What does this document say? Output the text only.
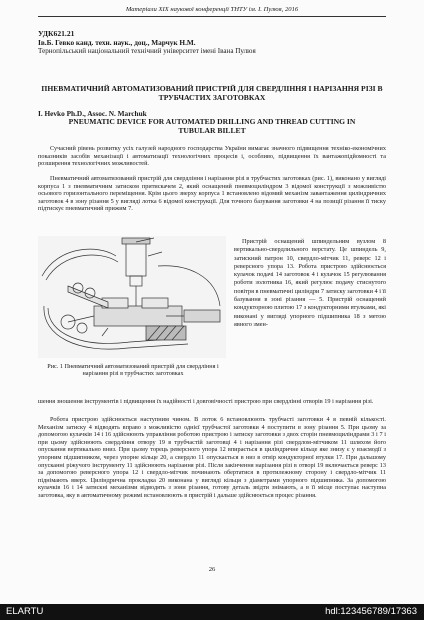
Матеріали XIX наукової конференції ТНТУ ім. І. Пулюя, 2016
УДК621.21
Ів.Б. Гевко канд. техн. наук., доц., Марчук Н.М.
Тернопільський національний технічний університет імені Івана Пулюя
ПНЕВМАТИЧНИЙ АВТОМАТИЗОВАНИЙ ПРИСТРІЙ ДЛЯ СВЕРДЛІННЯ І НАРІЗАННЯ РІЗІ В ТРУБЧАСТИХ ЗАГОТОВКАХ
I. Hevko Ph.D., Assoc. N. Marchuk
PNEUMATIC DEVICE FOR AUTOMATED DRILLING AND THREAD CUTTING IN TUBULAR BILLET
Сучасний рівень розвитку усіх галузей народного господарства України вимагає значного підвищення техніко-економічних показників засобів механізації і автоматизації технологічних процесів і, особливо, підвищення їх вантажопідйомності та розширення технологічних можливостей.
Пневматичний автоматизований пристрій для свердління і нарізання різі в трубчастих заготовках (рис. 1), виконано у вигляді корпуса 1 з пневматичним затиском притискачем 2, який оснащений пневмоциліндром 3 відомої конструкції з можливістю осьового горизонтального переміщення. Крім цього зверху корпуса 1 встановлено відомий механізм завантаження циліндричних заготовок 4 в зону різання 5 у вигляді лотка 6 відомої конструкції. Для точного базування заготовки 4 на позиції різання її тиску підтискує пневматичний прижим 7.
Рис. 1 Пневматичний автоматизований пристрій для свердління і нарізання різі в трубчастих заготовках
Пристрій оснащений шпиндельним вузлом 8 вертикально-свердлильного верстату. Це шпиндель 9, затискний патрон 10, свердло-мітчик 11, реверс 12 і реверсного упора 13. Робота пристрою здійснюється кулачок подачі 14 заготовок 4 і кулачок 15 регулювання роботи золотника 16, який регулює подачу стиснутого повітря в пневматичні циліндри 7 затиску заготовки 4 і її базування в зоні різання — 5. Пристрій оснащений кондукторною плитою 17 з кондукторними втулками, які виконані у вигляді упорного підшипника 18 з метою явного змен-
шення зношення інструментів і підвищення їх надійності і довговічності пристрою при свердлінні отворів 19 і нарізання різі.
Робота пристрою здійснюється наступним чином. В лоток 6 встановлюють трубчасті заготовки 4 в певній кількості. Механізм затиску 4 відводять вправо з можливістю однієї трубчастої заготовки 4 поступити в зону різання 5. При цьому за допомогою кулачків 14 і 16 здійснюють управління роботою пристрою і затиску заготовки з двох сторін пневмоциліндрами 3 і 7 і при цьому здійснюють свердління отвору 19 в трубчастій заготовці 4 і нарізання різі свердлом-мітчиком 11 шляхом його опускання вертикально вниз. При цьому торець реверсного упора 12 впирається в циліндричне кільце яке знизу є у взаємодії з упорним підшипником, через упорне кільце 20, а свердло 11 опускається в низ в отвір кондукторної втулки 17. При дальшому опусканні ріжучого інструменту 11 здійснюють нарізання різі. Після закінчення нарізання різі в отворі 19 включається реверс 13 за допомогою реверсного упора 12 і свердло-мітчик починають обертатися в протилежному сторону і свердло-мітчик 11 піднімають вверх. Циліндрична прокладка 20 виконана у вигляді кільця з діаметрами упорного підшипника. За допомогою кулачків 16 і 14 затискні механізми відводять з зони різання, готову деталь звідти знімають, а в її місце поступає наступна заготовка, яку в автоматичному режимі встановлюють в пристрій і дальше здійснюється процес різання.
26
ELARTU	hdl:123456789/17363
